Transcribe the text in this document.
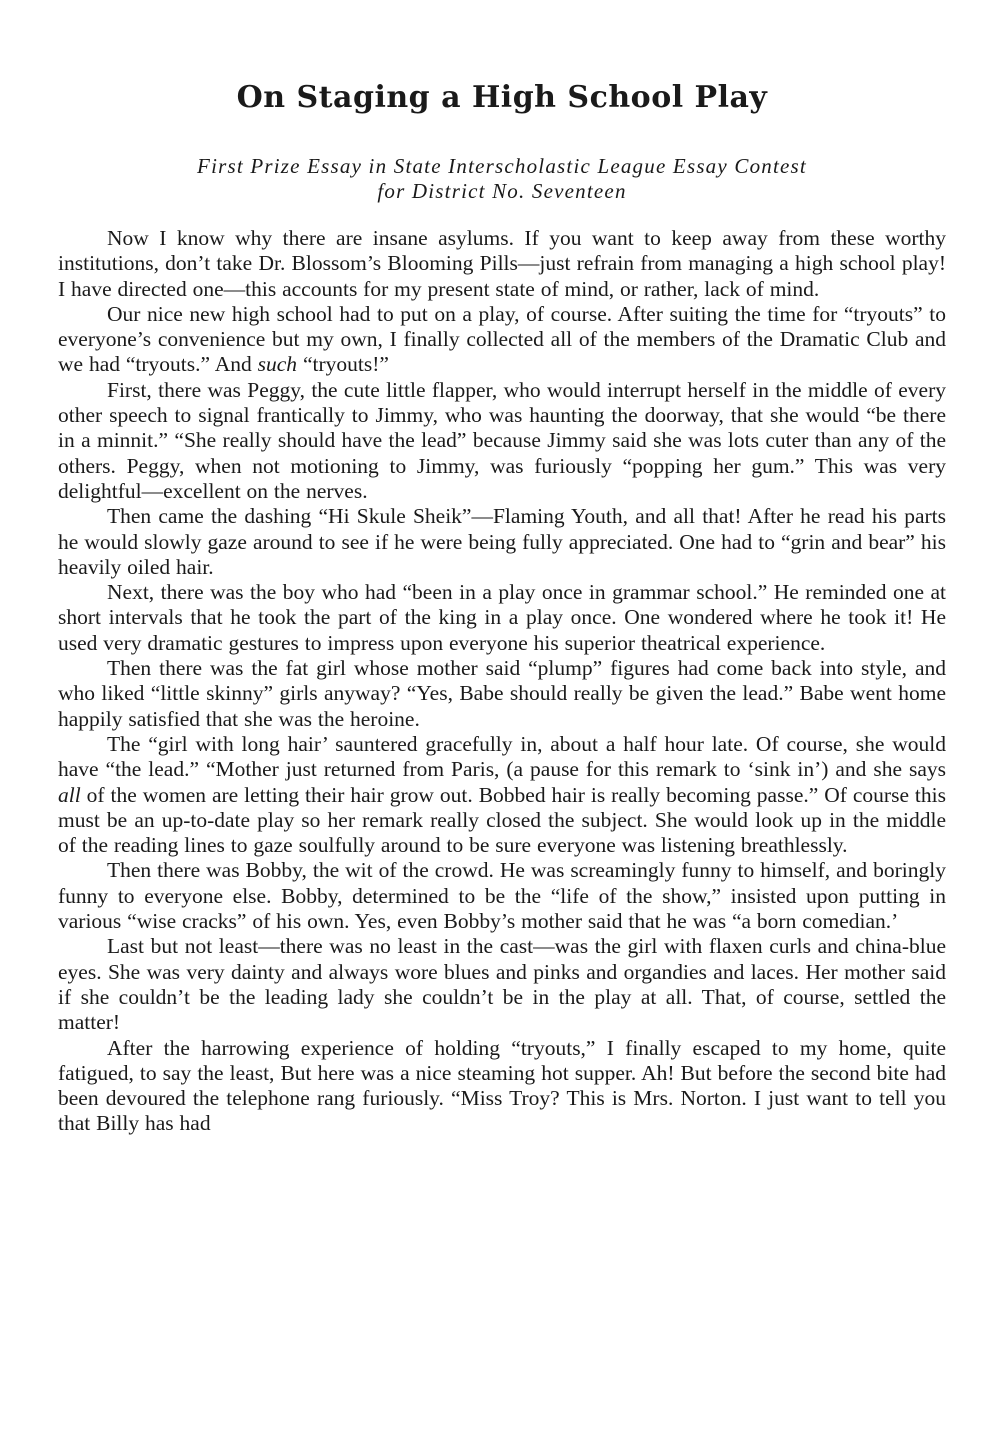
On Staging a High School Play
First Prize Essay in State Interscholastic League Essay Contest
for District No. Seventeen

Now I know why there are insane asylums. If you want to keep away from these worthy institutions, don’t take Dr. Blossom’s Blooming Pills—just refrain from managing a high school play! I have directed one—this accounts for my present state of mind, or rather, lack of mind.

Our nice new high school had to put on a play, of course. After suiting the time for “tryouts” to everyone’s convenience but my own, I finally collected all of the members of the Dramatic Club and we had “tryouts.” And such “tryouts!”

First, there was Peggy, the cute little flapper, who would interrupt herself in the middle of every other speech to signal frantically to Jimmy, who was haunting the doorway, that she would “be there in a minnit.” “She really should have the lead” because Jimmy said she was lots cuter than any of the others. Peggy, when not motioning to Jimmy, was furiously “popping her gum.” This was very delightful—excellent on the nerves.

Then came the dashing “Hi Skule Sheik”—Flaming Youth, and all that! After he read his parts he would slowly gaze around to see if he were being fully appreciated. One had to “grin and bear” his heavily oiled hair.

Next, there was the boy who had “been in a play once in grammar school.” He reminded one at short intervals that he took the part of the king in a play once. One wondered where he took it! He used very dramatic gestures to impress upon everyone his superior theatrical experience.

Then there was the fat girl whose mother said “plump” figures had come back into style, and who liked “little skinny” girls anyway? “Yes, Babe should really be given the lead.” Babe went home happily satisfied that she was the heroine.

The “girl with long hair’ sauntered gracefully in, about a half hour late. Of course, she would have “the lead.” “Mother just returned from Paris, (a pause for this remark to ‘sink in’) and she says all of the women are letting their hair grow out. Bobbed hair is really becoming passe.” Of course this must be an up-to-date play so her remark really closed the subject. She would look up in the middle of the reading lines to gaze soulfully around to be sure everyone was listening breathlessly.

Then there was Bobby, the wit of the crowd. He was screamingly funny to himself, and boringly funny to everyone else. Bobby, determined to be the “life of the show,” insisted upon putting in various “wise cracks” of his own. Yes, even Bobby’s mother said that he was “a born comedian.’

Last but not least—there was no least in the cast—was the girl with flaxen curls and china-blue eyes. She was very dainty and always wore blues and pinks and organdies and laces. Her mother said if she couldn’t be the leading lady she couldn’t be in the play at all. That, of course, settled the matter!

After the harrowing experience of holding “tryouts,” I finally escaped to my home, quite fatigued, to say the least, But here was a nice steaming hot supper. Ah! But before the second bite had been devoured the telephone rang furiously. “Miss Troy? This is Mrs. Norton. I just want to tell you that Billy has had
